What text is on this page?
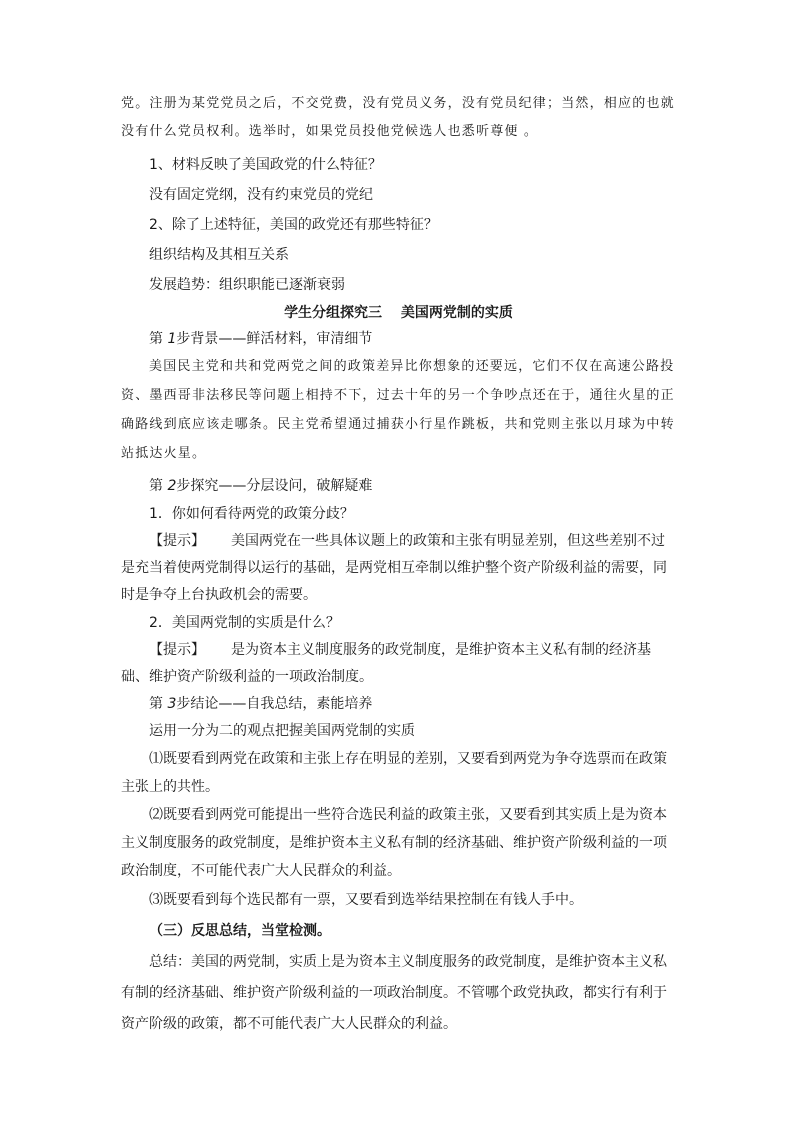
党。注册为某党党员之后，不交党费，没有党员义务，没有党员纪律；当然，相应的也就

没有什么党员权利。选举时，如果党员投他党候选人也悉听尊便 。

1、材料反映了美国政党的什么特征？

没有固定党纲，没有约束党员的党纪

2、除了上述特征，美国的政党还有那些特征？

组织结构及其相互关系

发展趋势：组织职能已逐渐衰弱

学生分组探究三　 美国两党制的实质

第 1步背景——鲜活材料，审清细节

美国民主党和共和党两党之间的政策差异比你想象的还要远，它们不仅在高速公路投资、墨西哥非法移民等问题上相持不下，过去十年的另一个争吵点还在于，通往火星的正确路线到底应该走哪条。民主党希望通过捕获小行星作跳板，共和党则主张以月球为中转站抵达火星。

第 2步探究——分层设问，破解疑难

1．你如何看待两党的政策分歧？

【提示】 美国两党在一些具体议题上的政策和主张有明显差别，但这些差别不过是充当着使两党制得以运行的基础，是两党相互牵制以维护整个资产阶级利益的需要，同时是争夺上台执政机会的需要。

2．美国两党制的实质是什么？

【提示】 是为资本主义制度服务的政党制度，是维护资本主义私有制的经济基础、维护资产阶级利益的一项政治制度。

第 3步结论——自我总结，素能培养

运用一分为二的观点把握美国两党制的实质

⑴既要看到两党在政策和主张上存在明显的差别，又要看到两党为争夺选票而在政策主张上的共性。

⑵既要看到两党可能提出一些符合选民利益的政策主张，又要看到其实质上是为资本主义制度服务的政党制度，是维护资本主义私有制的经济基础、维护资产阶级利益的一项政治制度，不可能代表广大人民群众的利益。

⑶既要看到每个选民都有一票，又要看到选举结果控制在有钱人手中。

（三）反思总结，当堂检测。

总结：美国的两党制，实质上是为资本主义制度服务的政党制度，是维护资本主义私有制的经济基础、维护资产阶级利益的一项政治制度。不管哪个政党执政，都实行有利于资产阶级的政策，都不可能代表广大人民群众的利益。
